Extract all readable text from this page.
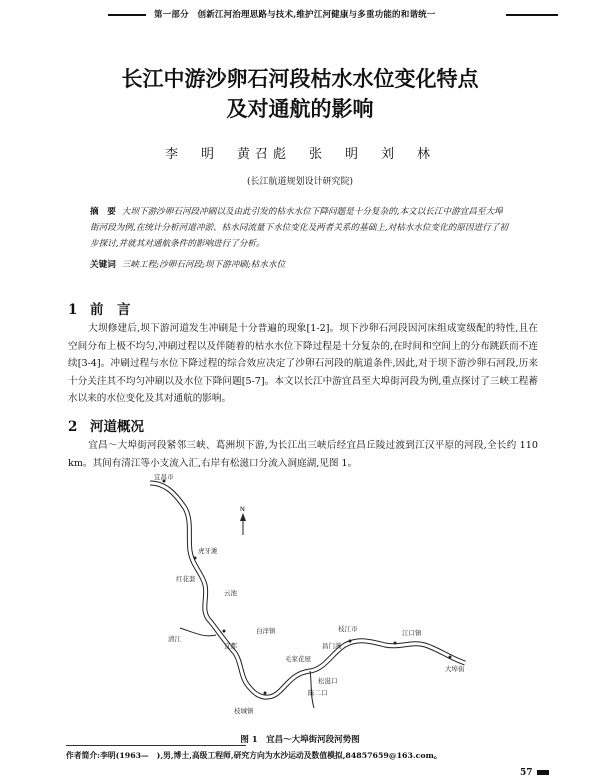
第一部分　创新江河治理思路与技术,维护江河健康与多重功能的和谐统一
长江中游沙卵石河段枯水水位变化特点
及对通航的影响
李　明　黄召彪　张　明　刘　林
(长江航道规划设计研究院)
摘　要 大坝下游沙卵石河段冲刷以及由此引发的枯水水位下降问题是十分复杂的,本文以长江中游宜昌至大埠街河段为例,在统计分析河道冲淤、枯水同流量下水位变化及两者关系的基础上,对枯水水位变化的原因进行了初步探讨,并就其对通航条件的影响进行了分析。
关键词 三峡工程;沙卵石河段;坝下游冲刷;枯水水位
1 前　言
大坝修建后,坝下游河道发生冲刷是十分普遍的现象[1-2]。坝下沙卵石河段因河床组成宽级配的特性,且在空间分布上极不均匀,冲刷过程以及伴随着的枯水水位下降过程是十分复杂的,在时间和空间上的分布跳跃而不连续[3-4]。冲刷过程与水位下降过程的综合效应决定了沙卵石河段的航道条件,因此,对于坝下游沙卵石河段,历来十分关注其不均匀冲刷以及水位下降问题[5-7]。本文以长江中游宜昌至大埠街河段为例,重点探讨了三峡工程蓄水以来的水位变化及其对通航的影响。
2 河道概况
宜昌～大埠街河段紧邻三峡、葛洲坝下游,为长江出三峡后经宜昌丘陵过渡到江汉平原的河段,全长约 110 km。其间有清江等小支流入汇,右岸有松滋口分流入洞庭湖,见图 1。
N
宜昌市
虎牙滩
红花套
云池
白洋镇
宜都
清江
枝江市
昌门溪
毛家花屋
松滋口
陈二口
枝城镇
江口镇
大埠街
图 1　宜昌～大埠街河段河势图
作者简介:李明(1963—　),男,博士,高级工程师,研究方向为水沙运动及数值模拟,84857659@163.com。
57
